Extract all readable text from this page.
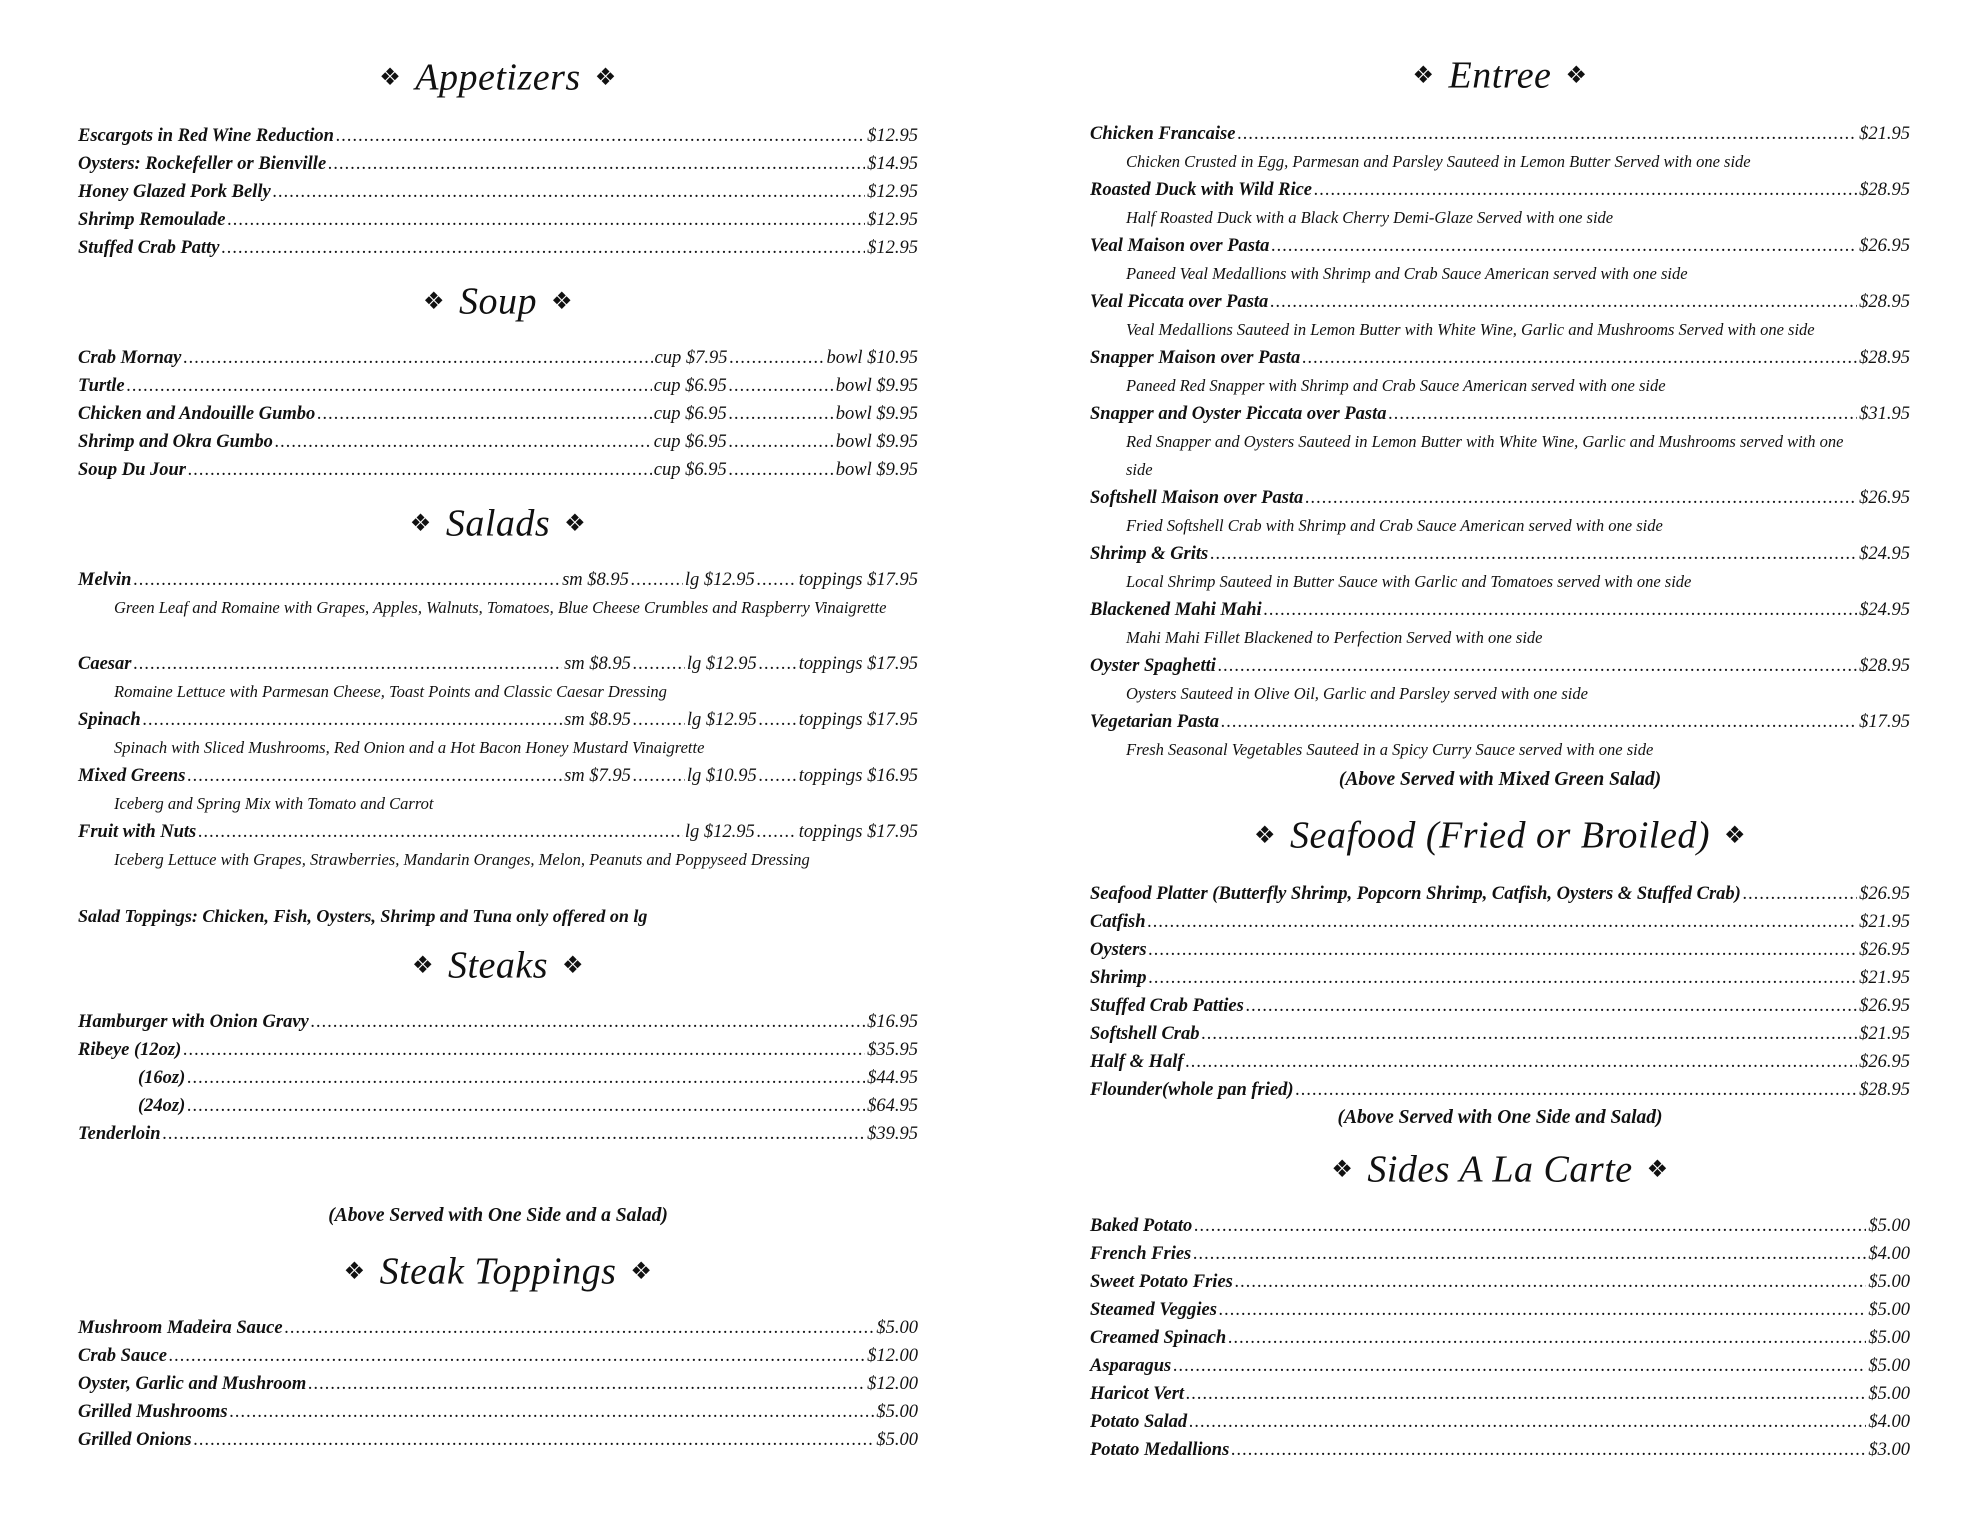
❖ Appetizers ❖
Escargots in Red Wine Reduction .....	$12.95
Oysters: Rockefeller or Bienville .....	$14.95
Honey Glazed Pork Belly .....	$12.95
Shrimp Remoulade .....	$12.95
Stuffed Crab Patty .....	$12.95
❖ Soup ❖
Crab Mornay .....	cup $7.95 .....	bowl $10.95
Turtle .....	cup $6.95 .....	bowl $9.95
Chicken and Andouille Gumbo .....	cup $6.95 .....	bowl $9.95
Shrimp and Okra Gumbo .....	cup $6.95 .....	bowl $9.95
Soup Du Jour .....	cup $6.95 .....	bowl $9.95
❖ Salads ❖
Melvin .....	sm $8.95 .....	lg $12.95 ..... toppings $17.95
Green Leaf and Romaine with Grapes, Apples, Walnuts, Tomatoes, Blue Cheese Crumbles and Raspberry Vinaigrette
Caesar .....	sm $8.95 .....	lg $12.95 ..... toppings $17.95
Romaine Lettuce with Parmesan Cheese, Toast Points and Classic Caesar Dressing
Spinach .....	sm $8.95 .....	lg $12.95 ..... toppings $17.95
Spinach with Sliced Mushrooms, Red Onion and a Hot Bacon Honey Mustard Vinaigrette
Mixed Greens .....	sm $7.95 .....	lg $10.95 ..... toppings $16.95
Iceberg and Spring Mix with Tomato and Carrot
Fruit with Nuts .....	lg $12.95 ..... toppings $17.95
Iceberg Lettuce with Grapes, Strawberries, Mandarin Oranges, Melon, Peanuts and Poppyseed Dressing
Salad Toppings: Chicken, Fish, Oysters, Shrimp and Tuna only offered on lg
❖ Steaks ❖
Hamburger with Onion Gravy .....	$16.95
Ribeye (12oz) .....	$35.95
(16oz) .....	$44.95
(24oz) .....	$64.95
Tenderloin .....	$39.95
(Above Served with One Side and a Salad)
❖ Steak Toppings ❖
Mushroom Madeira Sauce .....	$5.00
Crab Sauce .....	$12.00
Oyster, Garlic and Mushroom .....	$12.00
Grilled Mushrooms .....	$5.00
Grilled Onions .....	$5.00
❖ Entree ❖
Chicken Francaise .....	$21.95
Chicken Crusted in Egg, Parmesan and Parsley Sauteed in Lemon Butter Served with one side
Roasted Duck with Wild Rice .....	$28.95
Half Roasted Duck with a Black Cherry Demi-Glaze Served with one side
Veal Maison over Pasta .....	$26.95
Paneed Veal Medallions with Shrimp and Crab Sauce American served with one side
Veal Piccata over Pasta .....	$28.95
Veal Medallions Sauteed in Lemon Butter with White Wine, Garlic and Mushrooms Served with one side
Snapper Maison over Pasta .....	$28.95
Paneed Red Snapper with Shrimp and Crab Sauce American served with one side
Snapper and Oyster Piccata over Pasta .....	$31.95
Red Snapper and Oysters Sauteed in Lemon Butter with White Wine, Garlic and Mushrooms served with one side
Softshell Maison over Pasta .....	$26.95
Fried Softshell Crab with Shrimp and Crab Sauce American served with one side
Shrimp & Grits .....	$24.95
Local Shrimp Sauteed in Butter Sauce with Garlic and Tomatoes served with one side
Blackened Mahi Mahi .....	$24.95
Mahi Mahi Fillet Blackened to Perfection Served with one side
Oyster Spaghetti .....	$28.95
Oysters Sauteed in Olive Oil, Garlic and Parsley served with one side
Vegetarian Pasta .....	$17.95
Fresh Seasonal Vegetables Sauteed in a Spicy Curry Sauce served with one side
(Above Served with Mixed Green Salad)
❖ Seafood (Fried or Broiled) ❖
Seafood Platter (Butterfly Shrimp, Popcorn Shrimp, Catfish, Oysters & Stuffed Crab) .....	$26.95
Catfish .....	$21.95
Oysters .....	$26.95
Shrimp .....	$21.95
Stuffed Crab Patties .....	$26.95
Softshell Crab .....	$21.95
Half & Half .....	$26.95
Flounder(whole pan fried) .....	$28.95
(Above Served with One Side and Salad)
❖ Sides A La Carte ❖
Baked Potato .....	$5.00
French Fries .....	$4.00
Sweet Potato Fries .....	$5.00
Steamed Veggies .....	$5.00
Creamed Spinach .....	$5.00
Asparagus .....	$5.00
Haricot Vert .....	$5.00
Potato Salad .....	$4.00
Potato Medallions .....	$3.00
